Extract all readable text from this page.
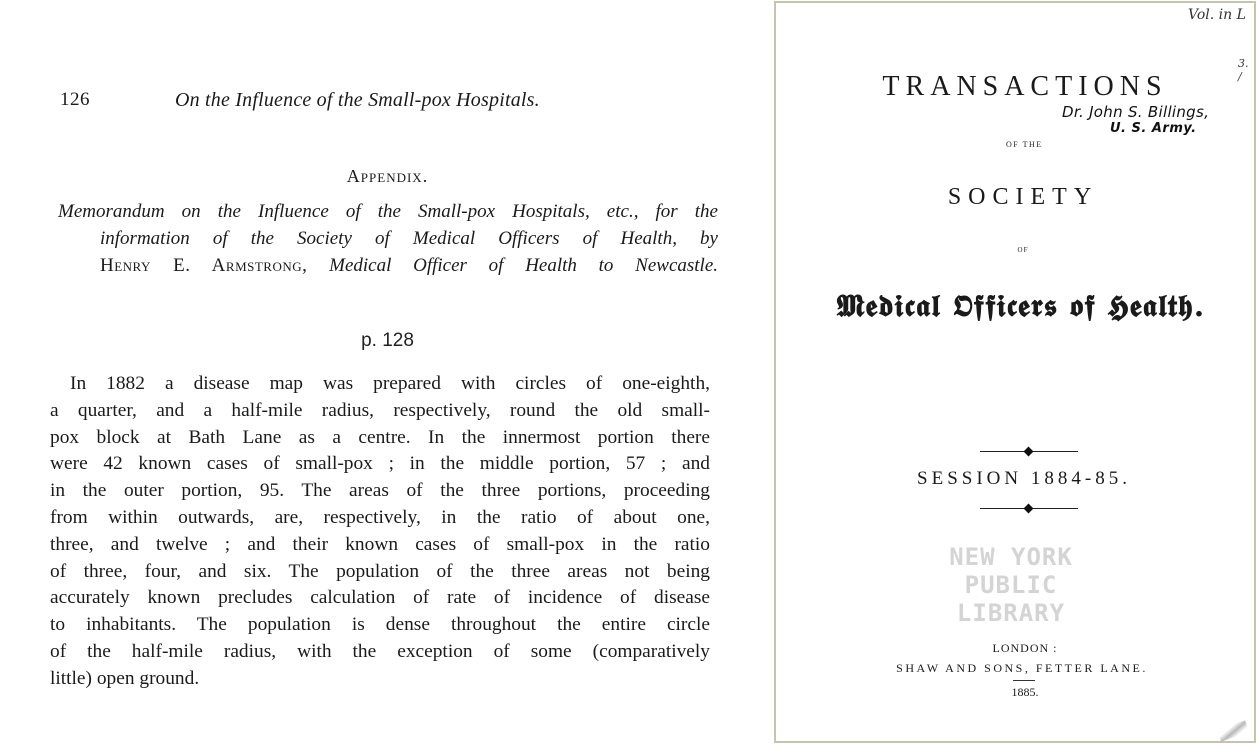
126	On the Influence of the Small-pox Hospitals.
Appendix.
Memorandum on the Influence of the Small-pox Hospitals, etc., for the
information of the Society of Medical Officers of Health, by
Henry E. Armstrong, Medical Officer of Health to Newcastle.
p. 128
In 1882 a disease map was prepared with circles of one-eighth,
a quarter, and a half-mile radius, respectively, round the old small-
pox block at Bath Lane as a centre. In the innermost portion there
were 42 known cases of small-pox ; in the middle portion, 57 ; and
in the outer portion, 95. The areas of the three portions, proceeding
from within outwards, are, respectively, in the ratio of about one,
three, and twelve ; and their known cases of small-pox in the ratio
of three, four, and six. The population of the three areas not being
accurately known precludes calculation of rate of incidence of disease
to inhabitants. The population is dense throughout the entire circle
of the half-mile radius, with the exception of some (comparatively
little) open ground.
Vol. in L
3. /
TRANSACTIONS
OF THE
Dr. John S. Billings,
U. S. Army.
SOCIETY
OF
𝕸𝖊𝖉𝖎𝖈𝖆𝖑 𝕺𝖋𝖋𝖎𝖈𝖊𝖗𝖘 𝖔𝖋 𝕳𝖊𝖆𝖑𝖙𝖍.
SESSION 1884-85.
NEW YORK
PUBLIC
LIBRARY
LONDON :
SHAW AND SONS, FETTER LANE.
1885.
